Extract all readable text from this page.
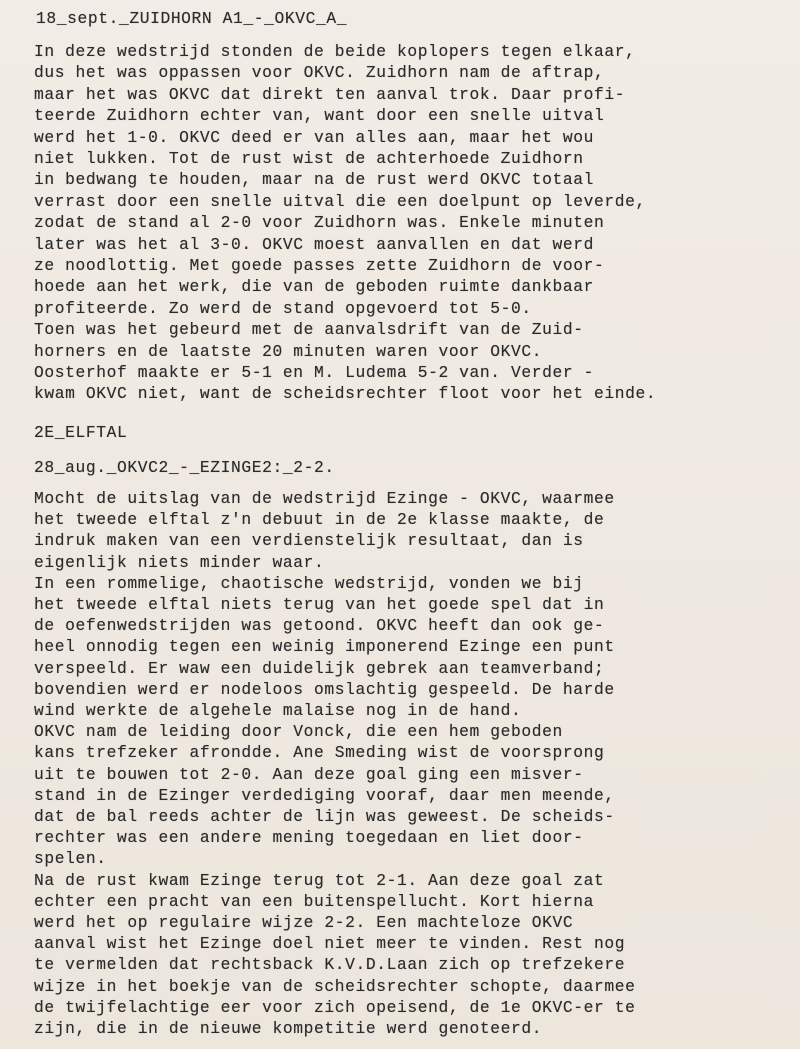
18_sept._ZUIDHORN A1_-_OKVC_A_
In deze wedstrijd stonden de beide koplopers tegen elkaar,
dus het was oppassen voor OKVC. Zuidhorn nam de aftrap,
maar het was OKVC dat direkt ten aanval trok. Daar profi-
teerde Zuidhorn echter van, want door een snelle uitval
werd het 1-0. OKVC deed er van alles aan, maar het wou
niet lukken. Tot de rust wist de achterhoede Zuidhorn
in bedwang te houden, maar na de rust werd OKVC totaal
verrast door een snelle uitval die een doelpunt op leverde,
zodat de stand al 2-0 voor Zuidhorn was. Enkele minuten
later was het al 3-0. OKVC moest aanvallen en dat werd
ze noodlottig. Met goede passes zette Zuidhorn de voor-
hoede aan het werk, die van de geboden ruimte dankbaar
profiteerde. Zo werd de stand opgevoerd tot 5-0.
Toen was het gebeurd met de aanvalsdrift van de Zuid-
horners en de laatste 20 minuten waren voor OKVC.
Oosterhof maakte er 5-1 en M. Ludema 5-2 van. Verder -
kwam OKVC niet, want de scheidsrechter floot voor het einde.
2E_ELFTAL
28_aug._OKVC2_-_EZINGE2:_2-2.
Mocht de uitslag van de wedstrijd Ezinge - OKVC, waarmee
het tweede elftal z'n debuut in de 2e klasse maakte, de
indruk maken van een verdienstelijk resultaat, dan is
eigenlijk niets minder waar.
In een rommelige, chaotische wedstrijd, vonden we bij
het tweede elftal niets terug van het goede spel dat in
de oefenwedstrijden was getoond. OKVC heeft dan ook ge-
heel onnodig tegen een weinig imponerend Ezinge een punt
verspeeld. Er waw een duidelijk gebrek aan teamverband;
bovendien werd er nodeloos omslachtig gespeeld. De harde
wind werkte de algehele malaise nog in de hand.
OKVC nam de leiding door Vonck, die een hem geboden
kans trefzeker afrondde. Ane Smeding wist de voorsprong
uit te bouwen tot 2-0. Aan deze goal ging een misver-
stand in de Ezinger verdediging vooraf, daar men meende,
dat de bal reeds achter de lijn was geweest. De scheids-
rechter was een andere mening toegedaan en liet door-
spelen.
Na de rust kwam Ezinge terug tot 2-1. Aan deze goal zat
echter een pracht van een buitenspellucht. Kort hierna
werd het op regulaire wijze 2-2. Een machteloze OKVC
aanval wist het Ezinge doel niet meer te vinden. Rest nog
te vermelden dat rechtsback K.V.D.Laan zich op trefzekere
wijze in het boekje van de scheidsrechter schopte, daarmee
de twijfelachtige eer voor zich opeisend, de 1e OKVC-er te
zijn, die in de nieuwe kompetitie werd genoteerd.
